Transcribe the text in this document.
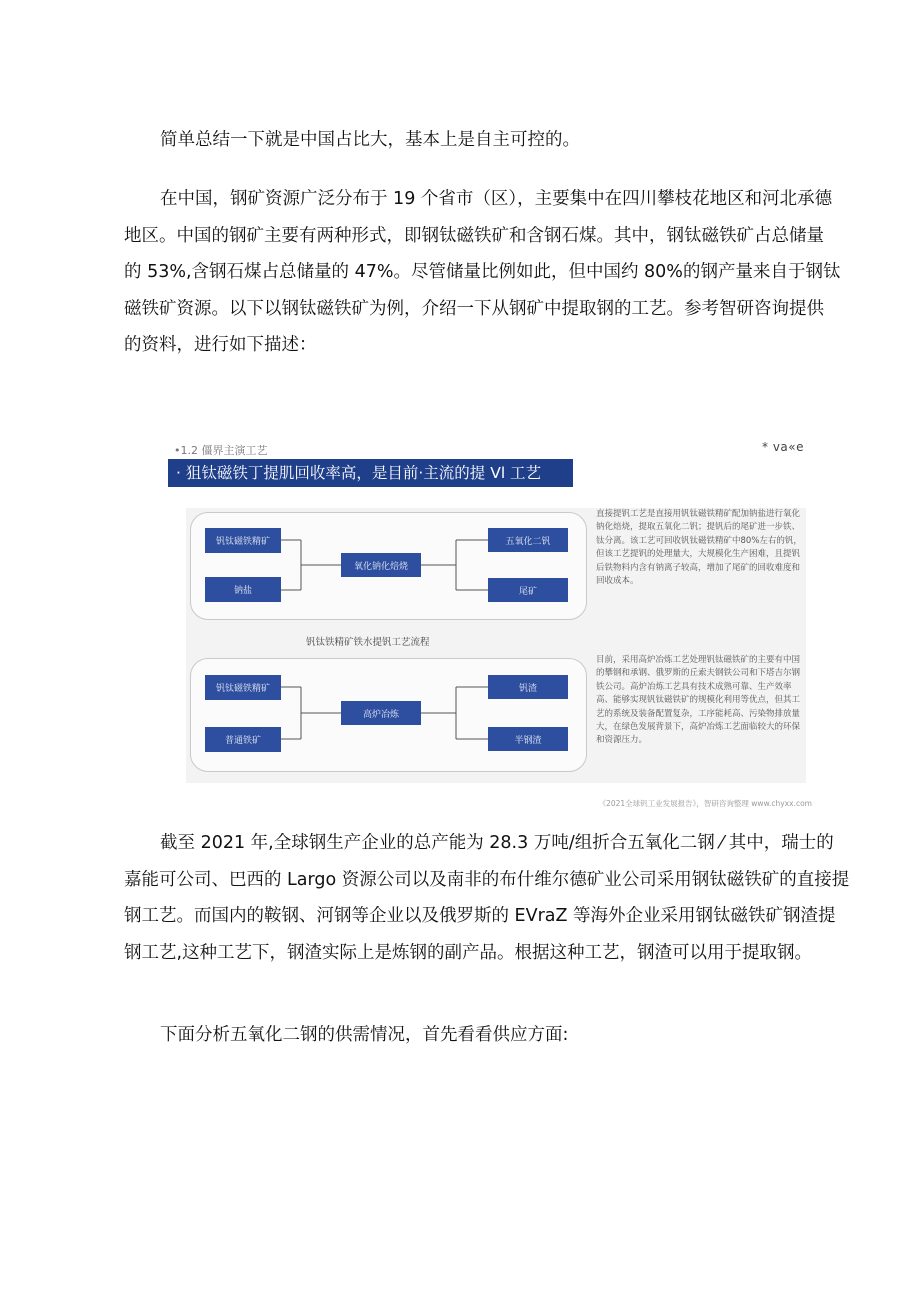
简单总结一下就是中国占比大，基本上是自主可控的。
在中国，钢矿资源广泛分布于 19 个省市（区），主要集中在四川攀枝花地区和河北承德
地区。中国的钢矿主要有两种形式，即钢钛磁铁矿和含钢石煤。其中，钢钛磁铁矿占总储量
的 53%,含钢石煤占总储量的 47%。尽管储量比例如此，但中国约 80%的钢产量来自于钢钛
磁铁矿资源。以下以钢钛磁铁矿为例，介绍一下从钢矿中提取钢的工艺。参考智研咨询提供
的资料，进行如下描述：
•1.2 僵界主演工艺	* va«e
· 狙钛磁铁丁提肌回收率高，是目前·主流的提 Vl 工艺
钒钛磁铁精矿
钠盐
氧化钠化焙烧
五氧化二钒
尾矿
钒钛铁精矿铁水提钒工艺流程
钒钛磁铁精矿
普通铁矿
高炉冶炼
钒渣
半钢渣
直接提钒工艺是直接用钒钛磁铁精矿配加钠盐进行氧化钠化焙烧，提取五氧化二钒；提钒后的尾矿进一步铁、钛分离。该工艺可回收钒钛磁铁精矿中80%左右的钒，但该工艺提钒的处理量大，大规模化生产困难，且提钒后铁物料内含有钠离子较高，增加了尾矿的回收难度和回收成本。
目前，采用高炉冶炼工艺处理钒钛磁铁矿的主要有中国的攀钢和承钢、俄罗斯的丘索夫钢铁公司和下塔吉尔钢铁公司。高炉冶炼工艺具有技术成熟可靠、生产效率高、能够实现钒钛磁铁矿的规模化利用等优点，但其工艺的系统及装备配置复杂，工序能耗高、污染物排放量大，在绿色发展背景下，高炉冶炼工艺面临较大的环保和资源压力。
《2021全球钒工业发展报告》，智研咨询整理 www.chyxx.com
截至 2021 年,全球钢生产企业的总产能为 28.3 万吨/组折合五氧化二钢 ⁄ 其中，瑞士的
嘉能可公司、巴西的 Largo 资源公司以及南非的布什维尔德矿业公司采用钢钛磁铁矿的直接提
钢工艺。而国内的鞍钢、河钢等企业以及俄罗斯的 EVraZ 等海外企业采用钢钛磁铁矿钢渣提
钢工艺,这种工艺下，钢渣实际上是炼钢的副产品。根据这种工艺，钢渣可以用于提取钢。
下面分析五氧化二钢的供需情况，首先看看供应方面:
